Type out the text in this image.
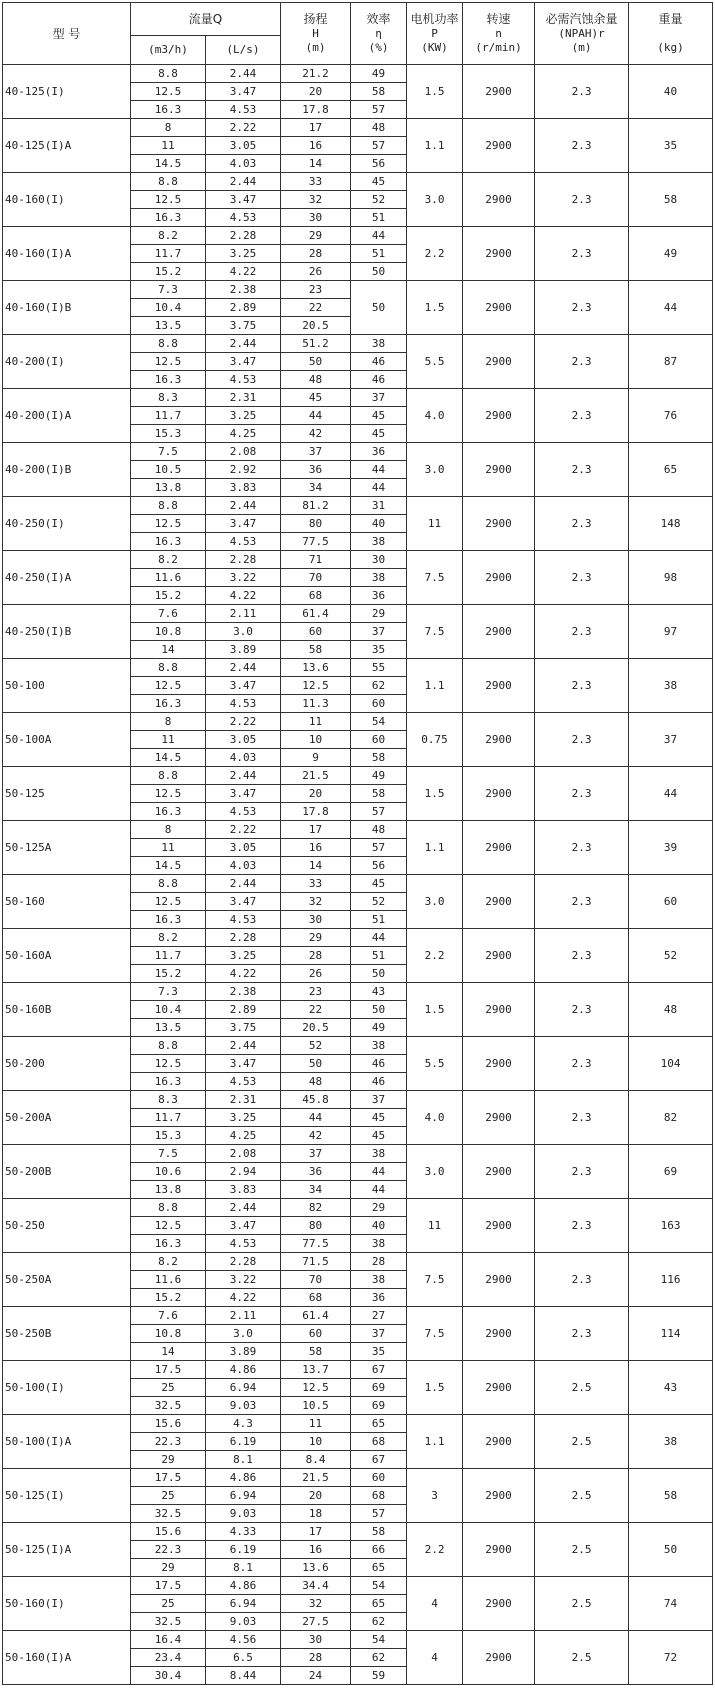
型 号	流量Q		扬程
H
(m)	效率
η
(%)	电机功率
P
(KW)	转速
n
(r/min)	必需汽蚀余量
(NPAH)r
(m)	重量

(kg)
	(m3/h)	(L/s)						
40-125(I)	8.8	2.44	21.2	49	1.5	2900	2.3	40
	12.5	3.47	20	58				
	16.3	4.53	17.8	57				
40-125(I)A	8	2.22	17	48	1.1	2900	2.3	35
	11	3.05	16	57				
	14.5	4.03	14	56				
40-160(I)	8.8	2.44	33	45	3.0	2900	2.3	58
	12.5	3.47	32	52				
	16.3	4.53	30	51				
40-160(I)A	8.2	2.28	29	44	2.2	2900	2.3	49
	11.7	3.25	28	51				
	15.2	4.22	26	50				
40-160(I)B	7.3	2.38	23	50	1.5	2900	2.3	44
	10.4	2.89	22					
	13.5	3.75	20.5					
40-200(I)	8.8	2.44	51.2	38	5.5	2900	2.3	87
	12.5	3.47	50	46				
	16.3	4.53	48	46				
40-200(I)A	8.3	2.31	45	37	4.0	2900	2.3	76
	11.7	3.25	44	45				
	15.3	4.25	42	45				
40-200(I)B	7.5	2.08	37	36	3.0	2900	2.3	65
	10.5	2.92	36	44				
	13.8	3.83	34	44				
40-250(I)	8.8	2.44	81.2	31	11	2900	2.3	148
	12.5	3.47	80	40				
	16.3	4.53	77.5	38				
40-250(I)A	8.2	2.28	71	30	7.5	2900	2.3	98
	11.6	3.22	70	38				
	15.2	4.22	68	36				
40-250(I)B	7.6	2.11	61.4	29	7.5	2900	2.3	97
	10.8	3.0	60	37				
	14	3.89	58	35				
50-100	8.8	2.44	13.6	55	1.1	2900	2.3	38
	12.5	3.47	12.5	62				
	16.3	4.53	11.3	60				
50-100A	8	2.22	11	54	0.75	2900	2.3	37
	11	3.05	10	60				
	14.5	4.03	9	58				
50-125	8.8	2.44	21.5	49	1.5	2900	2.3	44
	12.5	3.47	20	58				
	16.3	4.53	17.8	57				
50-125A	8	2.22	17	48	1.1	2900	2.3	39
	11	3.05	16	57				
	14.5	4.03	14	56				
50-160	8.8	2.44	33	45	3.0	2900	2.3	60
	12.5	3.47	32	52				
	16.3	4.53	30	51				
50-160A	8.2	2.28	29	44	2.2	2900	2.3	52
	11.7	3.25	28	51				
	15.2	4.22	26	50				
50-160B	7.3	2.38	23	43	1.5	2900	2.3	48
	10.4	2.89	22	50				
	13.5	3.75	20.5	49				
50-200	8.8	2.44	52	38	5.5	2900	2.3	104
	12.5	3.47	50	46				
	16.3	4.53	48	46				
50-200A	8.3	2.31	45.8	37	4.0	2900	2.3	82
	11.7	3.25	44	45				
	15.3	4.25	42	45				
50-200B	7.5	2.08	37	38	3.0	2900	2.3	69
	10.6	2.94	36	44				
	13.8	3.83	34	44				
50-250	8.8	2.44	82	29	11	2900	2.3	163
	12.5	3.47	80	40				
	16.3	4.53	77.5	38				
50-250A	8.2	2.28	71.5	28	7.5	2900	2.3	116
	11.6	3.22	70	38				
	15.2	4.22	68	36				
50-250B	7.6	2.11	61.4	27	7.5	2900	2.3	114
	10.8	3.0	60	37				
	14	3.89	58	35				
50-100(I)	17.5	4.86	13.7	67	1.5	2900	2.5	43
	25	6.94	12.5	69				
	32.5	9.03	10.5	69				
50-100(I)A	15.6	4.3	11	65	1.1	2900	2.5	38
	22.3	6.19	10	68				
	29	8.1	8.4	67				
50-125(I)	17.5	4.86	21.5	60	3	2900	2.5	58
	25	6.94	20	68				
	32.5	9.03	18	57				
50-125(I)A	15.6	4.33	17	58	2.2	2900	2.5	50
	22.3	6.19	16	66				
	29	8.1	13.6	65				
50-160(I)	17.5	4.86	34.4	54	4	2900	2.5	74
	25	6.94	32	65				
	32.5	9.03	27.5	62				
50-160(I)A	16.4	4.56	30	54	4	2900	2.5	72
	23.4	6.5	28	62				
	30.4	8.44	24	59				
